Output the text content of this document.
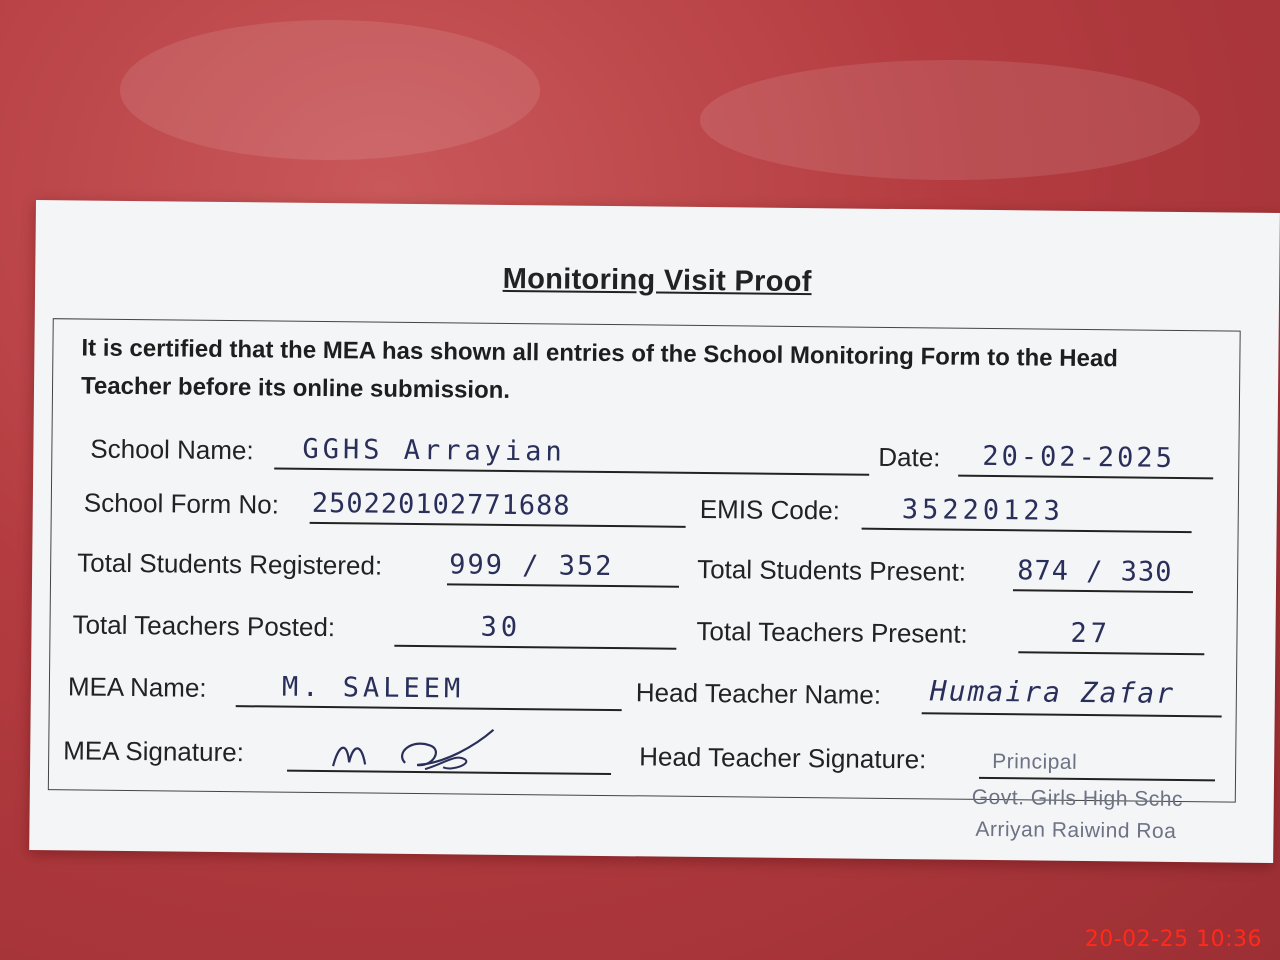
Monitoring Visit Proof
It is certified that the MEA has shown all entries of the School Monitoring Form to the Head Teacher before its online submission.
School Name: GGHS Arrayian	Date: 20-02-2025
School Form No: 250220102771688	EMIS Code: 35220123
Total Students Registered: 999 / 352	Total Students Present: 874 / 330
Total Teachers Posted:	30	Total Teachers Present:	27
MEA Name:	M. SALEEM	Head Teacher Name: Humaira Zafar
MEA Signature:	Head Teacher Signature:	Principal
Govt. Girls High Schc
Arriyan Raiwind Roa
20-02-25 10:36
